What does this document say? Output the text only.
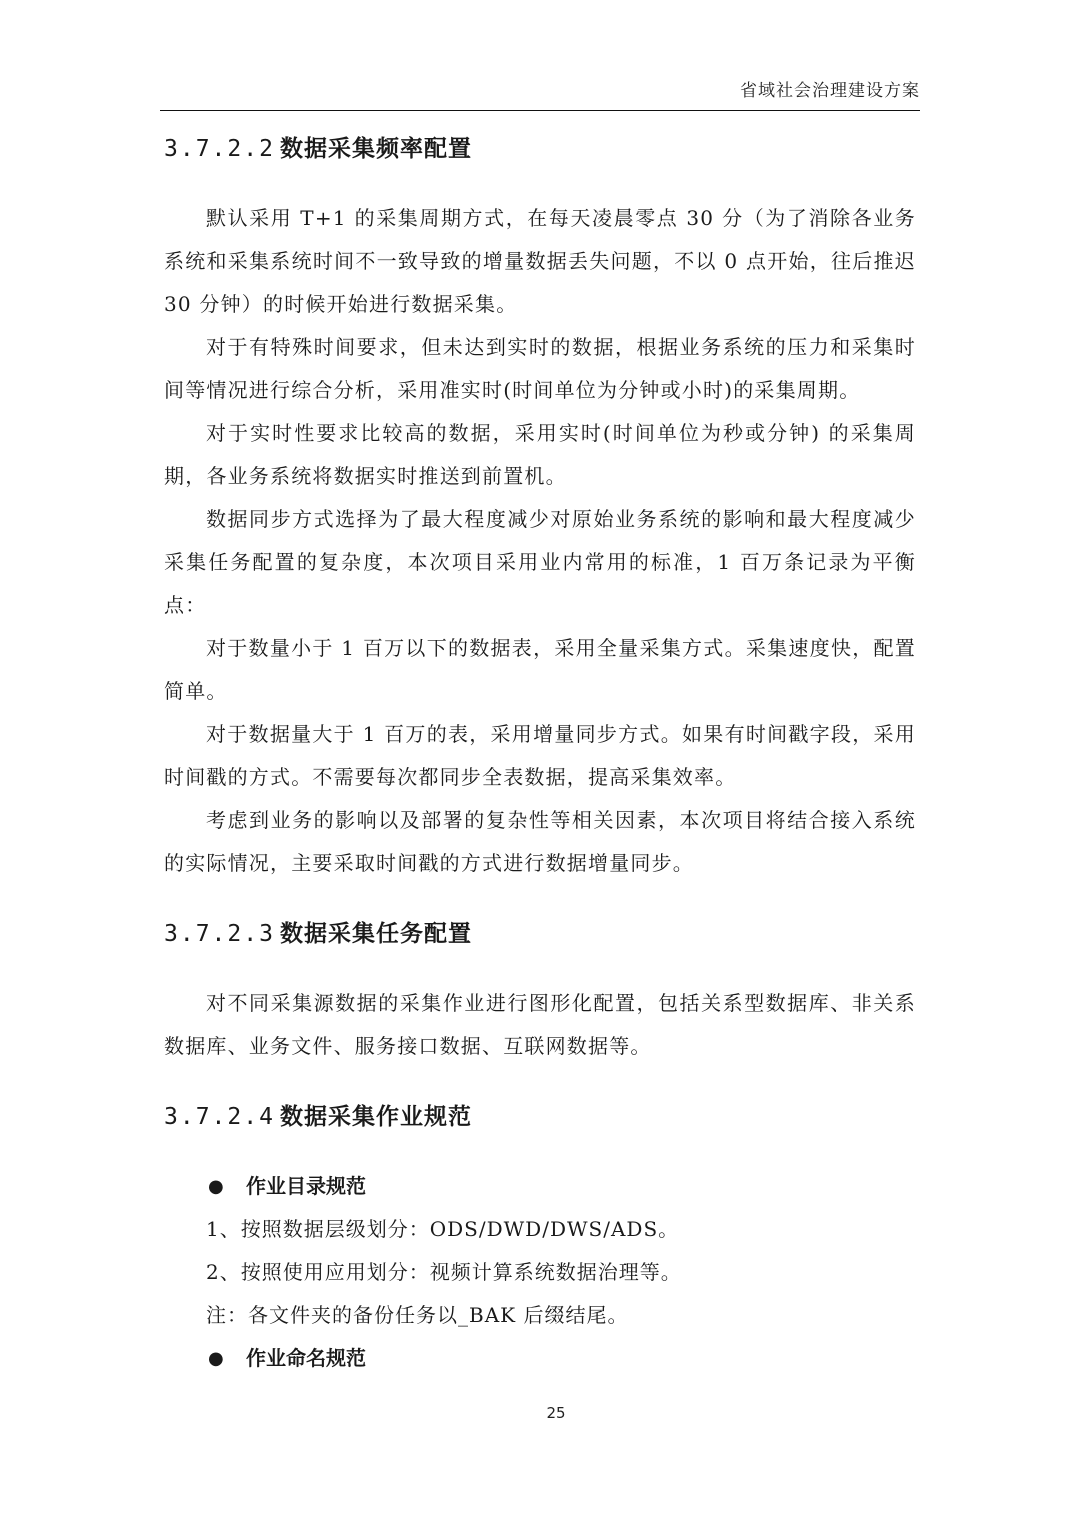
省域社会治理建设方案
3.7.2.2 数据采集频率配置

默认采用 T+1 的采集周期方式，在每天凌晨零点 30 分（为了消除各业务系统和采集系统时间不一致导致的增量数据丢失问题，不以 0 点开始，往后推迟 30 分钟）的时候开始进行数据采集。

对于有特殊时间要求，但未达到实时的数据，根据业务系统的压力和采集时间等情况进行综合分析，采用准实时(时间单位为分钟或小时)的采集周期。

对于实时性要求比较高的数据，采用实时(时间单位为秒或分钟) 的采集周期，各业务系统将数据实时推送到前置机。

数据同步方式选择为了最大程度减少对原始业务系统的影响和最大程度减少采集任务配置的复杂度，本次项目采用业内常用的标准，1 百万条记录为平衡点：

对于数量小于 1 百万以下的数据表，采用全量采集方式。采集速度快，配置简单。

对于数据量大于 1 百万的表，采用增量同步方式。如果有时间戳字段，采用时间戳的方式。不需要每次都同步全表数据，提高采集效率。

考虑到业务的影响以及部署的复杂性等相关因素，本次项目将结合接入系统的实际情况，主要采取时间戳的方式进行数据增量同步。

3.7.2.3 数据采集任务配置

对不同采集源数据的采集作业进行图形化配置，包括关系型数据库、非关系数据库、业务文件、服务接口数据、互联网数据等。

3.7.2.4 数据采集作业规范

●	作业目录规范

1、按照数据层级划分：ODS/DWD/DWS/ADS。

2、按照使用应用划分：视频计算系统数据治理等。

注：各文件夹的备份任务以_BAK 后缀结尾。

●	作业命名规范

25
